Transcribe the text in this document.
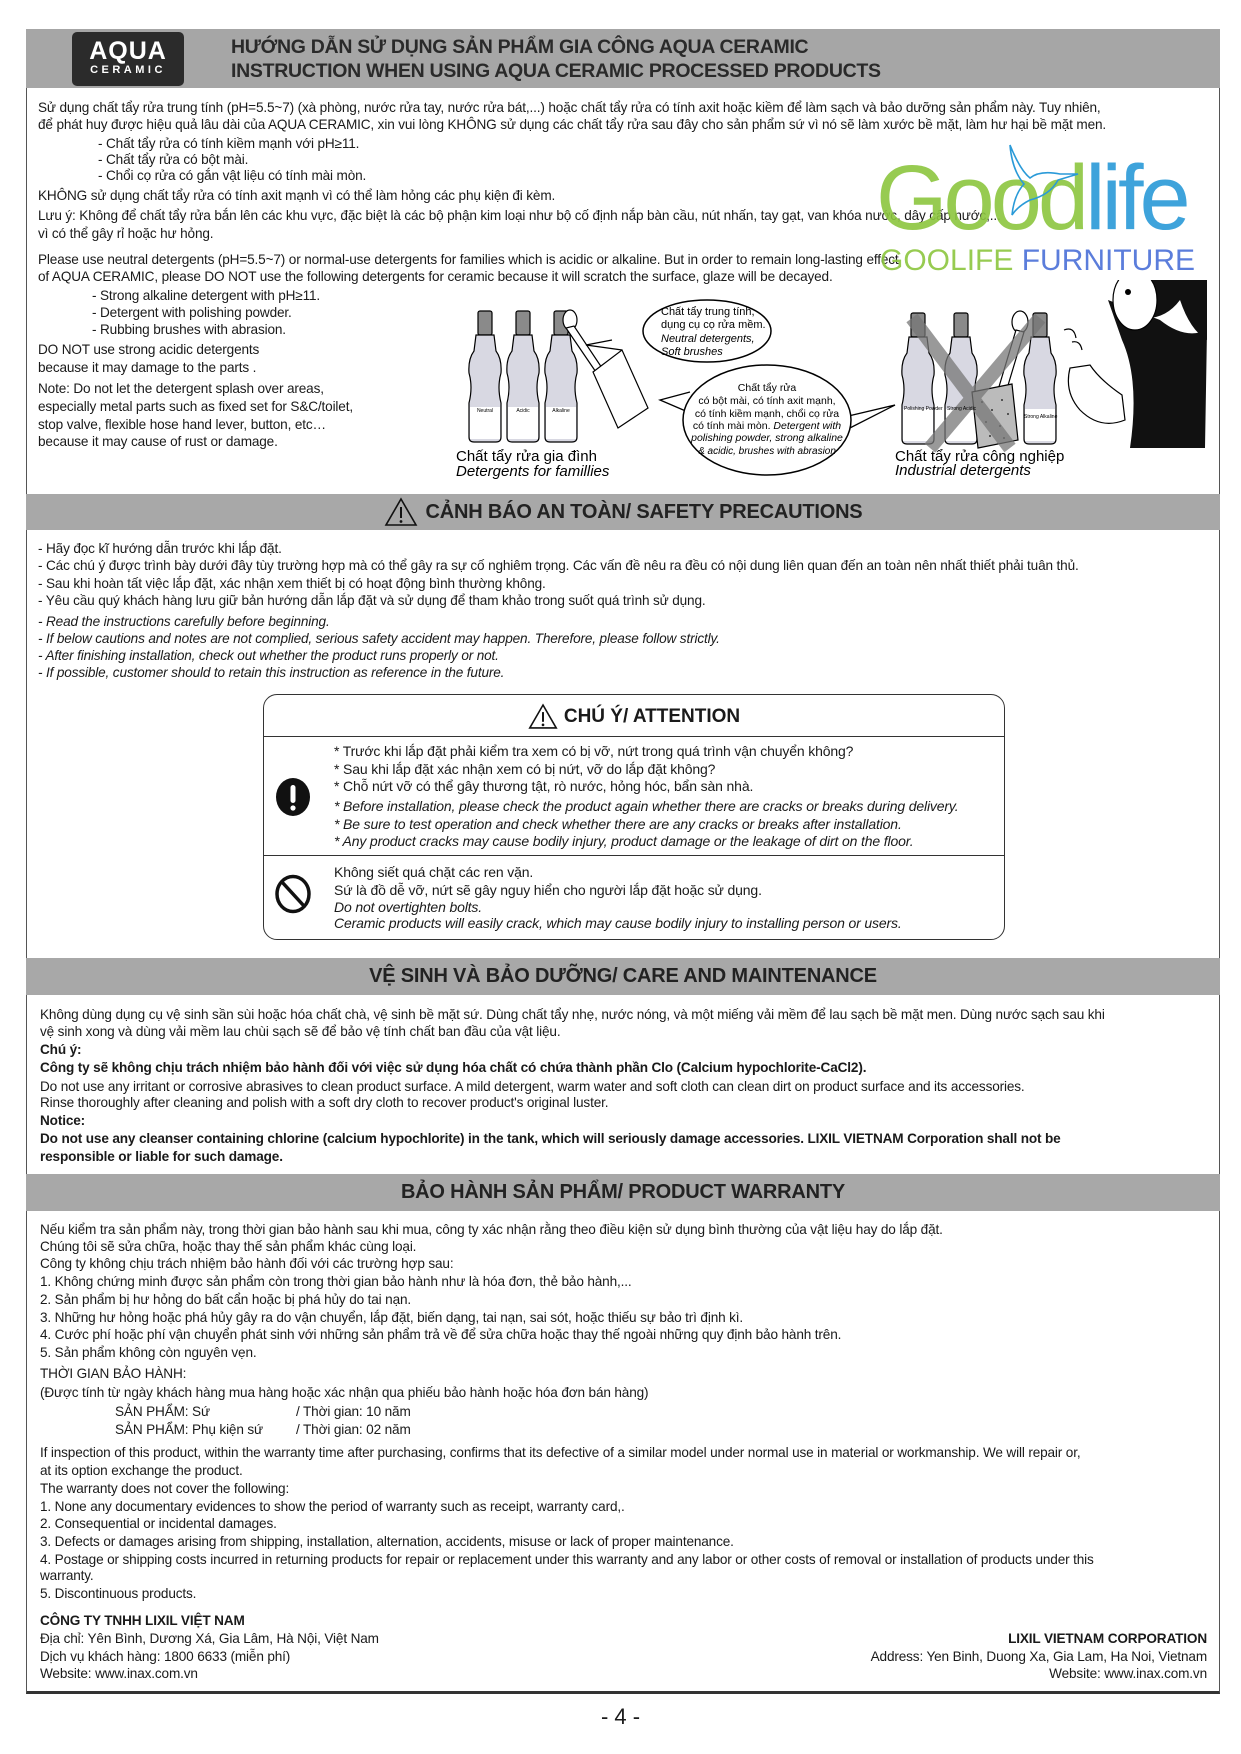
AQUA
CERAMIC
HƯỚNG DẪN SỬ DỤNG SẢN PHẨM GIA CÔNG AQUA CERAMIC
INSTRUCTION WHEN USING AQUA CERAMIC PROCESSED PRODUCTS
Sử dụng chất tẩy rửa trung tính (pH=5.5~7) (xà phòng, nước rửa tay, nước rửa bát,...) hoặc chất tẩy rửa có tính axit hoặc kiềm để làm sạch và bảo dưỡng sản phẩm này. Tuy nhiên,
để phát huy được hiệu quả lâu dài của AQUA CERAMIC, xin vui lòng KHÔNG sử dụng các chất tẩy rửa sau đây cho sản phẩm sứ vì nó sẽ làm xước bề mặt, làm hư hại bề mặt men.
- Chất tẩy rửa có tính kiềm mạnh với pH≥11.
- Chất tẩy rửa có bột mài.
- Chổi cọ rửa có gắn vật liệu có tính mài mòn.
KHÔNG sử dụng chất tẩy rửa có tính axit mạnh vì có thể làm hỏng các phụ kiện đi kèm.
Lưu ý: Không để chất tẩy rửa bắn lên các khu vực, đặc biệt là các bộ phận kim loại như bộ cố định nắp bàn cầu, nút nhấn, tay gạt, van khóa nước, dây cấp nước,...
vì có thể gây rỉ hoặc hư hỏng.
Please use neutral detergents (pH=5.5~7) or normal-use detergents for families which is acidic or alkaline. But in order to remain long-lasting effect
of AQUA CERAMIC, please DO NOT use the following detergents for ceramic because it will scratch the surface, glaze will be decayed.
- Strong alkaline detergent with pH≥11.
- Detergent with polishing powder.
- Rubbing brushes with abrasion.
DO NOT use strong acidic detergents
because it may damage to the parts .
Note: Do not let the detergent splash over areas,
especially metal parts such as fixed set for S&C/toilet,
stop valve, flexible hose hand lever, button, etc…
because it may cause of rust or damage.
Neutral	Acidic	Alkaline
Chất tẩy trung tính,
dụng cụ cọ rửa mềm.
Neutral detergents,
Soft brushes
Chất tẩy rửa
có bột mài, có tính axit mạnh,
có tính kiềm mạnh, chổi cọ rửa
có tính mài mòn. Detergent with
polishing powder, strong alkaline
& acidic, brushes with abrasion
Chất tẩy rửa gia đình
Detergents for famillies
Chất tẩy rửa công nghiệp
Industrial detergents
Polishing Powder Strong Acidic
Strong Alkaline
Goodlife
GOOLIFE FURNITURE
CẢNH BÁO AN TOÀN/ SAFETY PRECAUTIONS
- Hãy đọc kĩ hướng dẫn trước khi lắp đặt.
- Các chú ý được trình bày dưới đây tùy trường hợp mà có thể gây ra sự cố nghiêm trọng. Các vấn đề nêu ra đều có nội dung liên quan đến an toàn nên nhất thiết phải tuân thủ.
- Sau khi hoàn tất việc lắp đặt, xác nhận xem thiết bị có hoạt động bình thường không.
- Yêu cầu quý khách hàng lưu giữ bản hướng dẫn lắp đặt và sử dụng để tham khảo trong suốt quá trình sử dụng.
- Read the instructions carefully before beginning.
- If below cautions and notes are not complied, serious safety accident may happen. Therefore, please follow strictly.
- After finishing installation, check out whether the product runs properly or not.
- If possible, customer should to retain this instruction as reference in the future.
CHÚ Ý/ ATTENTION
* Trước khi lắp đặt phải kiểm tra xem có bị vỡ, nứt trong quá trình vận chuyển không?
* Sau khi lắp đặt xác nhận xem có bị nứt, vỡ do lắp đặt không?
* Chỗ nứt vỡ có thể gây thương tật, rò nước, hỏng hóc, bẩn sàn nhà.
* Before installation, please check the product again whether there are cracks or breaks during delivery.
* Be sure to test operation and check whether there are any cracks or breaks after installation.
* Any product cracks may cause bodily injury, product damage or the leakage of dirt on the floor.
Không siết quá chặt các ren vặn.
Sứ là đồ dễ vỡ, nứt sẽ gây nguy hiển cho người lắp đặt hoặc sử dụng.
Do not overtighten bolts.
Ceramic products will easily crack, which may cause bodily injury to installing person or users.
VỆ SINH VÀ BẢO DƯỠNG/ CARE AND MAINTENANCE
Không dùng dụng cụ vệ sinh sần sùi hoặc hóa chất chà, vệ sinh bề mặt sứ. Dùng chất tẩy nhẹ, nước nóng, và một miếng vải mềm để lau sạch bề mặt men. Dùng nước sạch sau khi
vệ sinh xong và dùng vải mềm lau chùi sạch sẽ để bảo vệ tính chất ban đầu của vật liệu.
Chú ý:
Công ty sẽ không chịu trách nhiệm bảo hành đối với việc sử dụng hóa chất có chứa thành phần Clo (Calcium hypochlorite-CaCl2).
Do not use any irritant or corrosive abrasives to clean product surface. A mild detergent, warm water and soft cloth can clean dirt on product surface and its accessories.
Rinse thoroughly after cleaning and polish with a soft dry cloth to recover product's original luster.
Notice:
Do not use any cleanser containing chlorine (calcium hypochlorite) in the tank, which will seriously damage accessories. LIXIL VIETNAM Corporation shall not be
responsible or liable for such damage.
BẢO HÀNH SẢN PHẨM/ PRODUCT WARRANTY
Nếu kiểm tra sản phẩm này, trong thời gian bảo hành sau khi mua, công ty xác nhận rằng theo điều kiện sử dụng bình thường của vật liệu hay do lắp đặt.
Chúng tôi sẽ sửa chữa, hoặc thay thế sản phẩm khác cùng loại.
Công ty không chịu trách nhiệm bảo hành đối với các trường hợp sau:
1. Không chứng minh được sản phẩm còn trong thời gian bảo hành như là hóa đơn, thẻ bảo hành,...
2. Sản phẩm bị hư hỏng do bất cẩn hoặc bị phá hủy do tai nạn.
3. Những hư hỏng hoặc phá hủy gây ra do vận chuyển, lắp đặt, biến dạng, tai nạn, sai sót, hoặc thiếu sự bảo trì định kì.
4. Cước phí hoặc phí vận chuyển phát sinh với những sản phẩm trả về để sửa chữa hoặc thay thế ngoài những quy định bảo hành trên.
5. Sản phẩm không còn nguyên vẹn.
THỜI GIAN BẢO HÀNH:
(Được tính từ ngày khách hàng mua hàng hoặc xác nhận qua phiếu bảo hành hoặc hóa đơn bán hàng)
SẢN PHẨM: Sứ	/ Thời gian: 10 năm
SẢN PHẨM: Phụ kiện sứ / Thời gian: 02 năm
If inspection of this product, within the warranty time after purchasing, confirms that its defective of a similar model under normal use in material or workmanship. We will repair or,
at its option exchange the product.
The warranty does not cover the following:
1. None any documentary evidences to show the period of warranty such as receipt, warranty card,.
2. Consequential or incidental damages.
3. Defects or damages arising from shipping, installation, alternation, accidents, misuse or lack of proper maintenance.
4. Postage or shipping costs incurred in returning products for repair or replacement under this warranty and any labor or other costs of removal or installation of products under this
warranty.
5. Discontinuous products.
CÔNG TY TNHH LIXIL VIỆT NAM
Địa chỉ: Yên Bình, Dương Xá, Gia Lâm, Hà Nội, Việt Nam
Dịch vụ khách hàng: 1800 6633 (miễn phí)
Website: www.inax.com.vn
LIXIL VIETNAM CORPORATION
Address: Yen Binh, Duong Xa, Gia Lam, Ha Noi, Vietnam
Website: www.inax.com.vn
- 4 -
